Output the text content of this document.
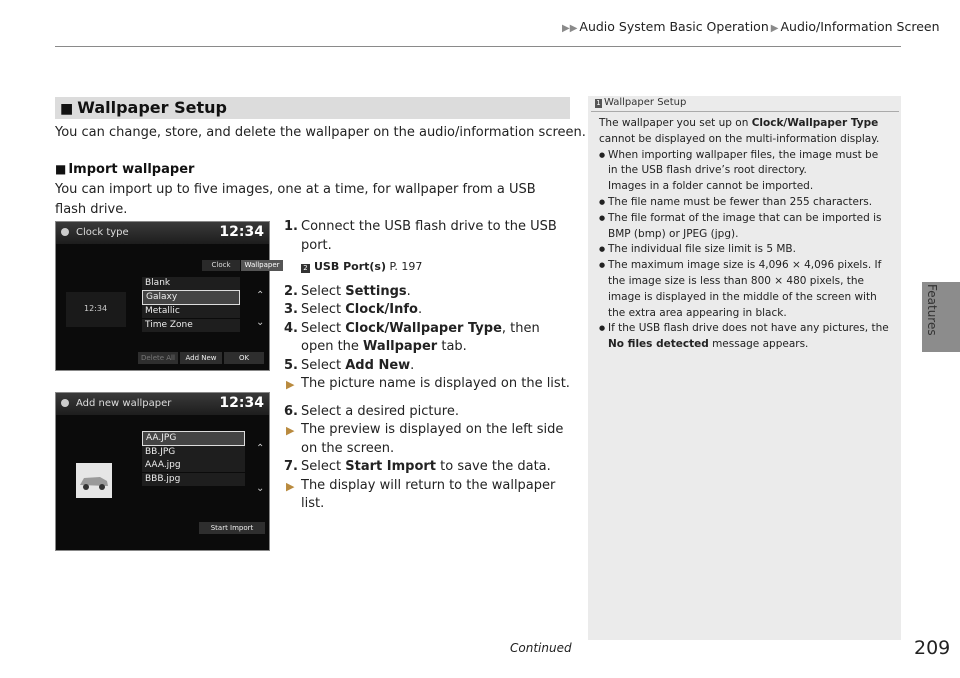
▶▶ Audio System Basic Operation ▶ Audio/Information Screen
Features
■ Wallpaper Setup
You can change, store, and delete the wallpaper on the audio/information screen.
■ Import wallpaper
You can import up to five images, one at a time, for wallpaper from a USB flash drive.
Clock type	12:34
Clock	Wallpaper
12:34
Blank
Galaxy
Metallic
Time Zone
⌃
⌄
Delete All	Add New	OK
Add new wallpaper	12:34
AA.JPG
BB.JPG
AAA.jpg
BBB.jpg
⌃
⌄
Start Import
1. Connect the USB flash drive to the USB port.
2 USB Port(s) P. 197
2. Select Settings.
3. Select Clock/Info.
4. Select Clock/Wallpaper Type, then open the Wallpaper tab.
5. Select Add New.
▶ The picture name is displayed on the list.
6. Select a desired picture.
▶ The preview is displayed on the left side on the screen.
7. Select Start Import to save the data.
▶ The display will return to the wallpaper list.
1 Wallpaper Setup

The wallpaper you set up on Clock/Wallpaper Type cannot be displayed on the multi-information display.

● When importing wallpaper files, the image must be in the USB flash drive’s root directory.
Images in a folder cannot be imported.

● The file name must be fewer than 255 characters.

● The file format of the image that can be imported is BMP (bmp) or JPEG (jpg).

● The individual file size limit is 5 MB.

● The maximum image size is 4,096 × 4,096 pixels. If the image size is less than 800 × 480 pixels, the image is displayed in the middle of the screen with the extra area appearing in black.

● If the USB flash drive does not have any pictures, the No files detected message appears.

Continued	209
